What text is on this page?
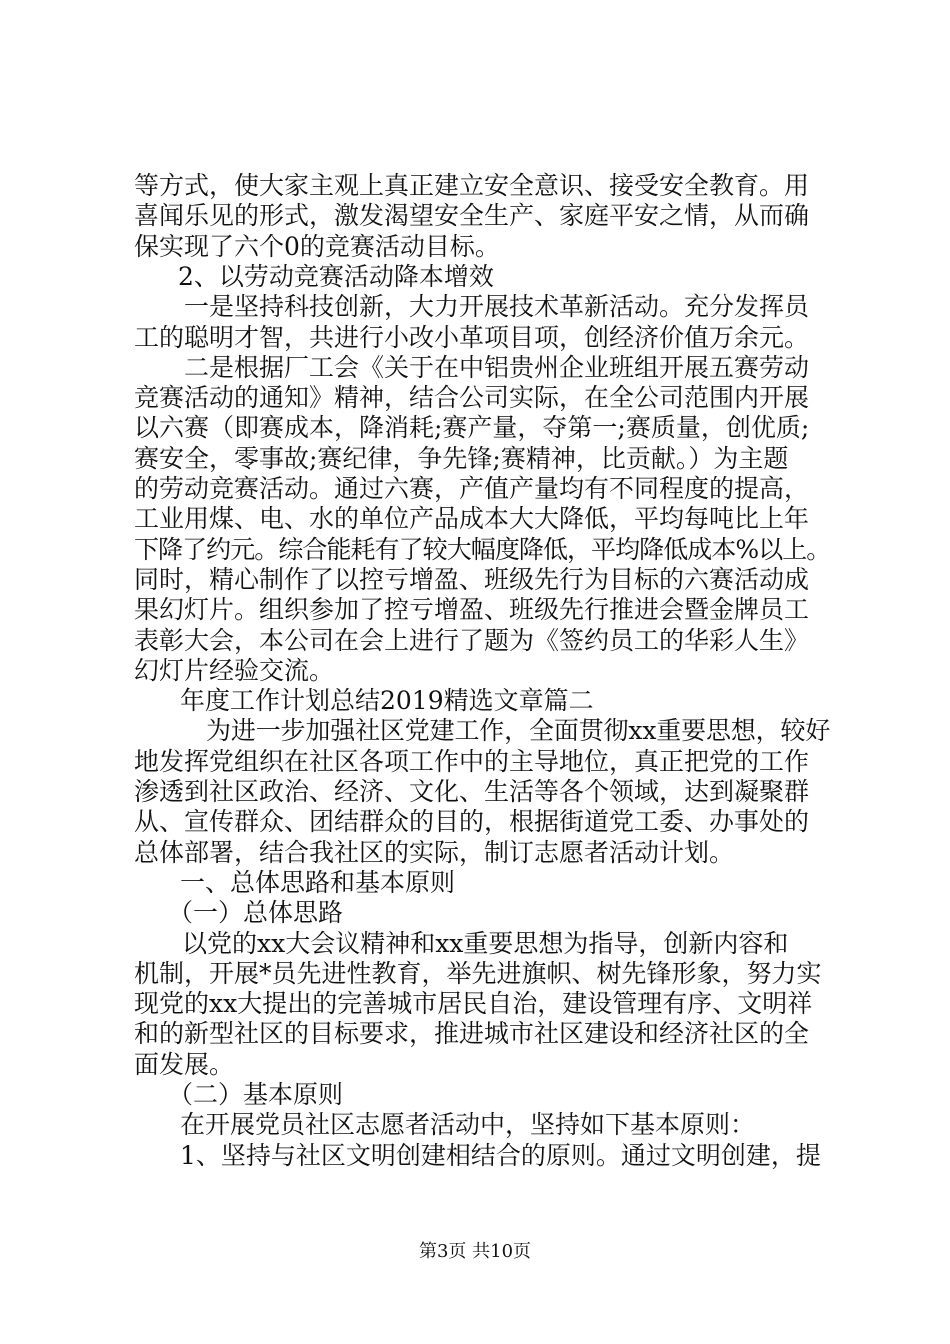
等方式，使大家主观上真正建立安全意识、接受安全教育。用
喜闻乐见的形式，激发渴望安全生产、家庭平安之情，从而确
保实现了六个0的竞赛活动目标。
2、以劳动竞赛活动降本增效
一是坚持科技创新，大力开展技术革新活动。充分发挥员
工的聪明才智，共进行小改小革项目项，创经济价值万余元。
二是根据厂工会《关于在中铝贵州企业班组开展五赛劳动
竞赛活动的通知》精神，结合公司实际，在全公司范围内开展
以六赛（即赛成本，降消耗;赛产量，夺第一;赛质量，创优质;
赛安全，零事故;赛纪律，争先锋;赛精神，比贡献。）为主题
的劳动竞赛活动。通过六赛，产值产量均有不同程度的提高，
工业用煤、电、水的单位产品成本大大降低，平均每吨比上年
下降了约元。综合能耗有了较大幅度降低，平均降低成本%以上。
同时，精心制作了以控亏增盈、班级先行为目标的六赛活动成
果幻灯片。组织参加了控亏增盈、班级先行推进会暨金牌员工
表彰大会，本公司在会上进行了题为《签约员工的华彩人生》
幻灯片经验交流。
年度工作计划总结2019精选文章篇二
为进一步加强社区党建工作，全面贯彻xx重要思想，较好
地发挥党组织在社区各项工作中的主导地位，真正把党的工作
渗透到社区政治、经济、文化、生活等各个领域，达到凝聚群
从、宣传群众、团结群众的目的，根据街道党工委、办事处的
总体部署，结合我社区的实际，制订志愿者活动计划。
一、总体思路和基本原则
（一）总体思路
以党的xx大会议精神和xx重要思想为指导，创新内容和
机制，开展*员先进性教育，举先进旗帜、树先锋形象，努力实
现党的xx大提出的完善城市居民自治，建设管理有序、文明祥
和的新型社区的目标要求，推进城市社区建设和经济社区的全
面发展。
（二）基本原则
在开展党员社区志愿者活动中，坚持如下基本原则：
1、坚持与社区文明创建相结合的原则。通过文明创建，提
第3页 共10页
